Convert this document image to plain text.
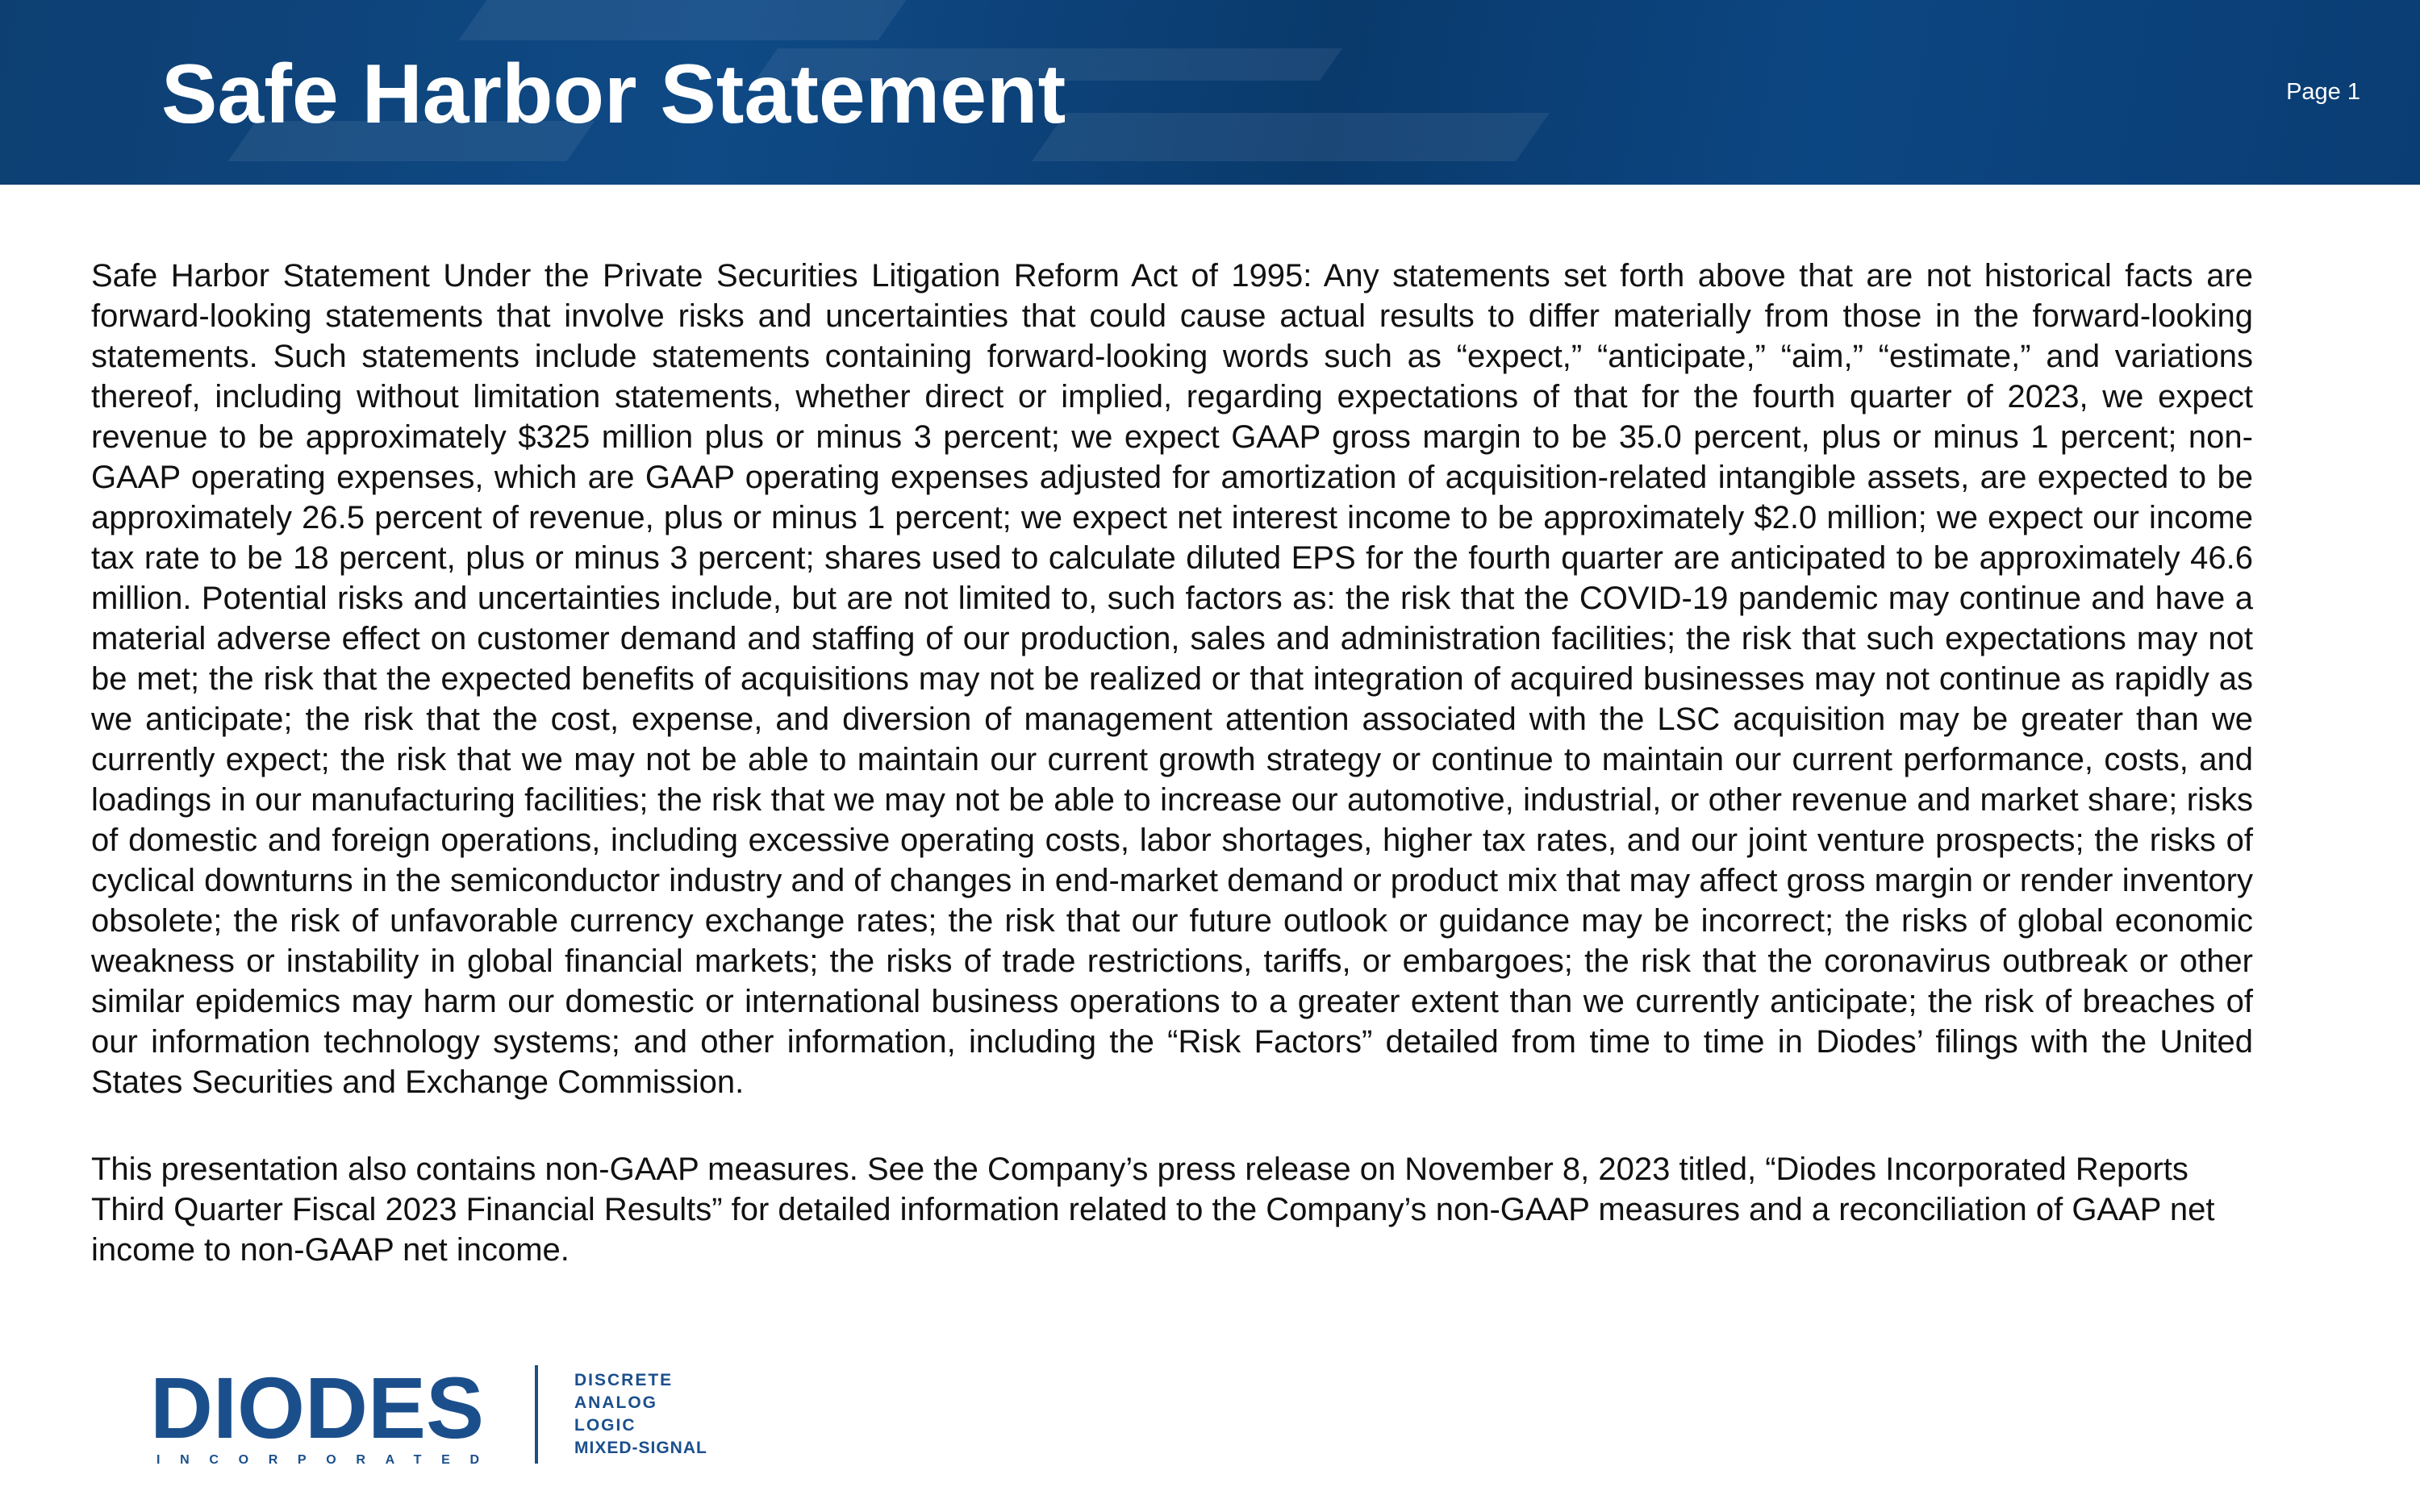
Safe Harbor Statement	Page 1

Safe Harbor Statement Under the Private Securities Litigation Reform Act of 1995: Any statements set forth above that are not historical facts are forward-looking statements that involve risks and uncertainties that could cause actual results to differ materially from those in the forward-looking statements. Such statements include statements containing forward-looking words such as “expect,” “anticipate,” “aim,” “estimate,” and variations thereof, including without limitation statements, whether direct or implied, regarding expectations of that for the fourth quarter of 2023, we expect revenue to be approximately $325 million plus or minus 3 percent; we expect GAAP gross margin to be 35.0 percent, plus or minus 1 percent; non-GAAP operating expenses, which are GAAP operating expenses adjusted for amortization of acquisition-related intangible assets, are expected to be approximately 26.5 percent of revenue, plus or minus 1 percent; we expect net interest income to be approximately $2.0 million; we expect our income tax rate to be 18 percent, plus or minus 3 percent; shares used to calculate diluted EPS for the fourth quarter are anticipated to be approximately 46.6 million. Potential risks and uncertainties include, but are not limited to, such factors as: the risk that the COVID-19 pandemic may continue and have a material adverse effect on customer demand and staffing of our production, sales and administration facilities; the risk that such expectations may not be met; the risk that the expected benefits of acquisitions may not be realized or that integration of acquired businesses may not continue as rapidly as we anticipate; the risk that the cost, expense, and diversion of management attention associated with the LSC acquisition may be greater than we currently expect; the risk that we may not be able to maintain our current growth strategy or continue to maintain our current performance, costs, and loadings in our manufacturing facilities; the risk that we may not be able to increase our automotive, industrial, or other revenue and market share; risks of domestic and foreign operations, including excessive operating costs, labor shortages, higher tax rates, and our joint venture prospects; the risks of cyclical downturns in the semiconductor industry and of changes in end-market demand or product mix that may affect gross margin or render inventory obsolete; the risk of unfavorable currency exchange rates; the risk that our future outlook or guidance may be incorrect; the risks of global economic weakness or instability in global financial markets; the risks of trade restrictions, tariffs, or embargoes; the risk that the coronavirus outbreak or other similar epidemics may harm our domestic or international business operations to a greater extent than we currently anticipate; the risk of breaches of our information technology systems; and other information, including the “Risk Factors” detailed from time to time in Diodes’ filings with the United States Securities and Exchange Commission.

This presentation also contains non-GAAP measures. See the Company’s press release on November 8, 2023 titled, “Diodes Incorporated Reports Third Quarter Fiscal 2023 Financial Results” for detailed information related to the Company’s non-GAAP measures and a reconciliation of GAAP net income to non-GAAP net income.

DIODES
INCORPORATED
DISCRETE
ANALOG
LOGIC
MIXED-SIGNAL
